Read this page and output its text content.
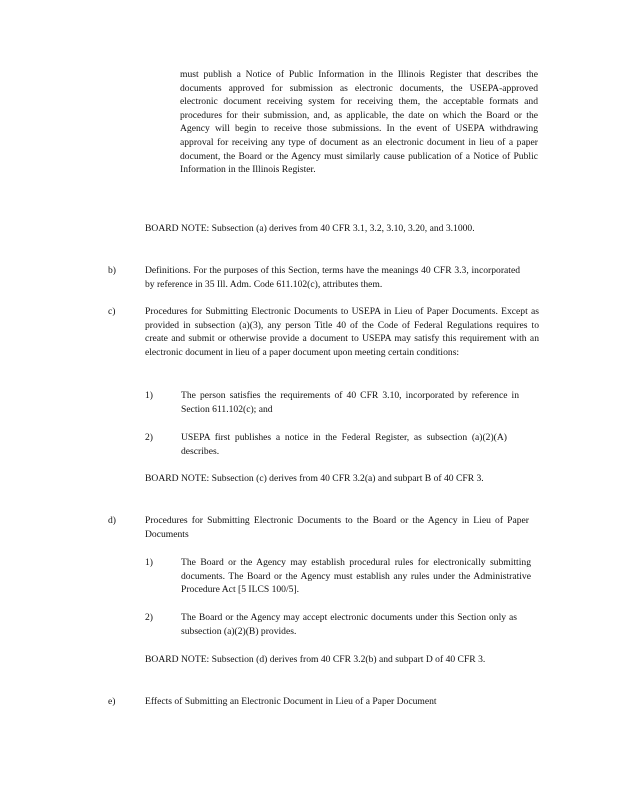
must publish a Notice of Public Information in the Illinois Register that describes the documents approved for submission as electronic documents, the USEPA-approved electronic document receiving system for receiving them, the acceptable formats and procedures for their submission, and, as applicable, the date on which the Board or the Agency will begin to receive those submissions. In the event of USEPA withdrawing approval for receiving any type of document as an electronic document in lieu of a paper document, the Board or the Agency must similarly cause publication of a Notice of Public Information in the Illinois Register.

BOARD NOTE: Subsection (a) derives from 40 CFR 3.1, 3.2, 3.10, 3.20, and 3.1000.

b)	Definitions. For the purposes of this Section, terms have the meanings 40 CFR 3.3, incorporated by reference in 35 Ill. Adm. Code 611.102(c), attributes them.

c)	Procedures for Submitting Electronic Documents to USEPA in Lieu of Paper Documents. Except as provided in subsection (a)(3), any person Title 40 of the Code of Federal Regulations requires to create and submit or otherwise provide a document to USEPA may satisfy this requirement with an electronic document in lieu of a paper document upon meeting certain conditions:

1)	The person satisfies the requirements of 40 CFR 3.10, incorporated by reference in Section 611.102(c); and

2)	USEPA first publishes a notice in the Federal Register, as subsection (a)(2)(A) describes.

BOARD NOTE: Subsection (c) derives from 40 CFR 3.2(a) and subpart B of 40 CFR 3.

d)	Procedures for Submitting Electronic Documents to the Board or the Agency in Lieu of Paper Documents

1)	The Board or the Agency may establish procedural rules for electronically submitting documents. The Board or the Agency must establish any rules under the Administrative Procedure Act [5 ILCS 100/5].

2)	The Board or the Agency may accept electronic documents under this Section only as subsection (a)(2)(B) provides.

BOARD NOTE: Subsection (d) derives from 40 CFR 3.2(b) and subpart D of 40 CFR 3.

e)	Effects of Submitting an Electronic Document in Lieu of a Paper Document
